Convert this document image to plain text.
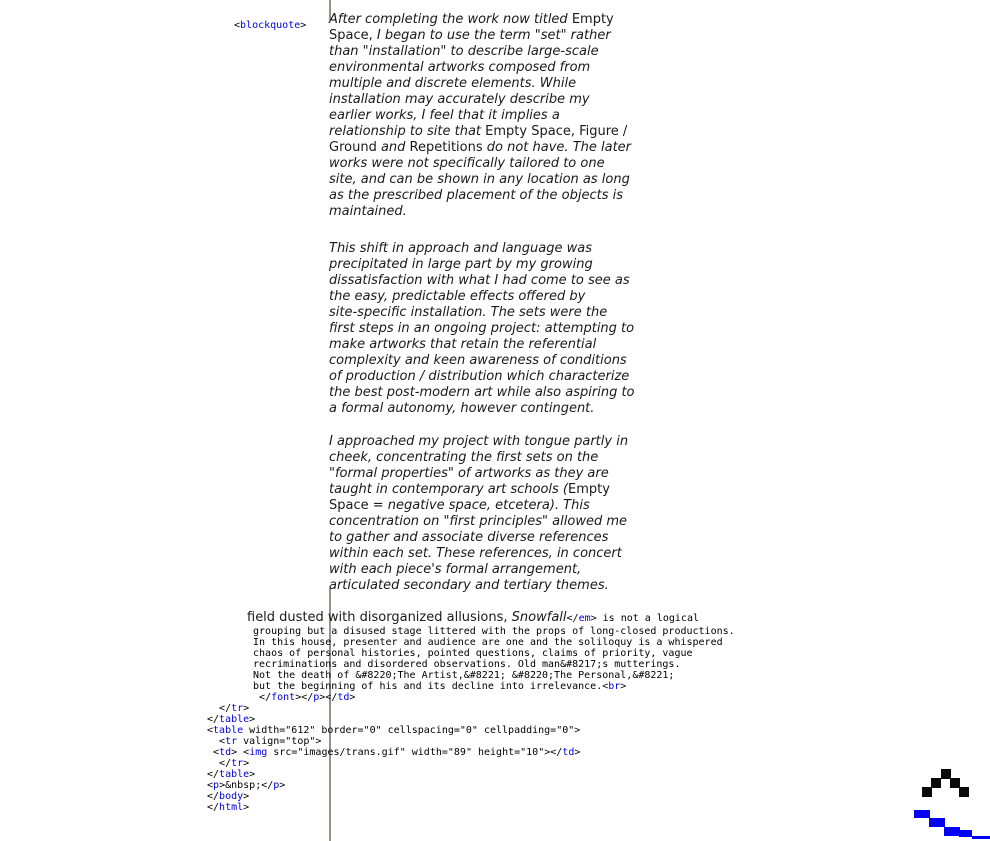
<blockquote> After completing the work now titled Empty
Space, I began to use the term "set" rather
than "installation" to describe large-scale
environmental artworks composed from
multiple and discrete elements. While
installation may accurately describe my
earlier works, I feel that it implies a
relationship to site that Empty Space, Figure /
Ground and Repetitions do not have. The later
works were not specifically tailored to one
site, and can be shown in any location as long
as the prescribed placement of the objects is
maintained.
This shift in approach and language was
precipitated in large part by my growing
dissatisfaction with what I had come to see as
the easy, predictable effects offered by
site-specific installation. The sets were the
first steps in an ongoing project: attempting to
make artworks that retain the referential
complexity and keen awareness of conditions
of production / distribution which characterize
the best post-modern art while also aspiring to
a formal autonomy, however contingent.
I approached my project with tongue partly in
cheek, concentrating the first sets on the
"formal properties" of artworks as they are
taught in contemporary art schools (Empty
Space = negative space, etcetera). This
concentration on "first principles" allowed me
to gather and associate diverse references
within each set. These references, in concert
with each piece's formal arrangement,
articulated secondary and tertiary themes.
field dusted with disorganized allusions, Snowfall</em> is not a logical
grouping but a disused stage littered with the props of long-closed productions.
In this house, presenter and audience are one and the soliloquy is a whispered
chaos of personal histories, pointed questions, claims of priority, vague
recriminations and disordered observations. Old man&#8217;s mutterings.
Not the death of &#8220;The Artist,&#8221; &#8220;The Personal,&#8221;
but the beginning of his and its decline into irrelevance.<br>
</font></p></td>
</tr>
</table>
<table width="612" border="0" cellspacing="0" cellpadding="0">
<tr valign="top">
<td> <img src="images/trans.gif" width="89" height="10"></td>
</tr>
</table>
<p>&nbsp;</p>
</body>
</html>
